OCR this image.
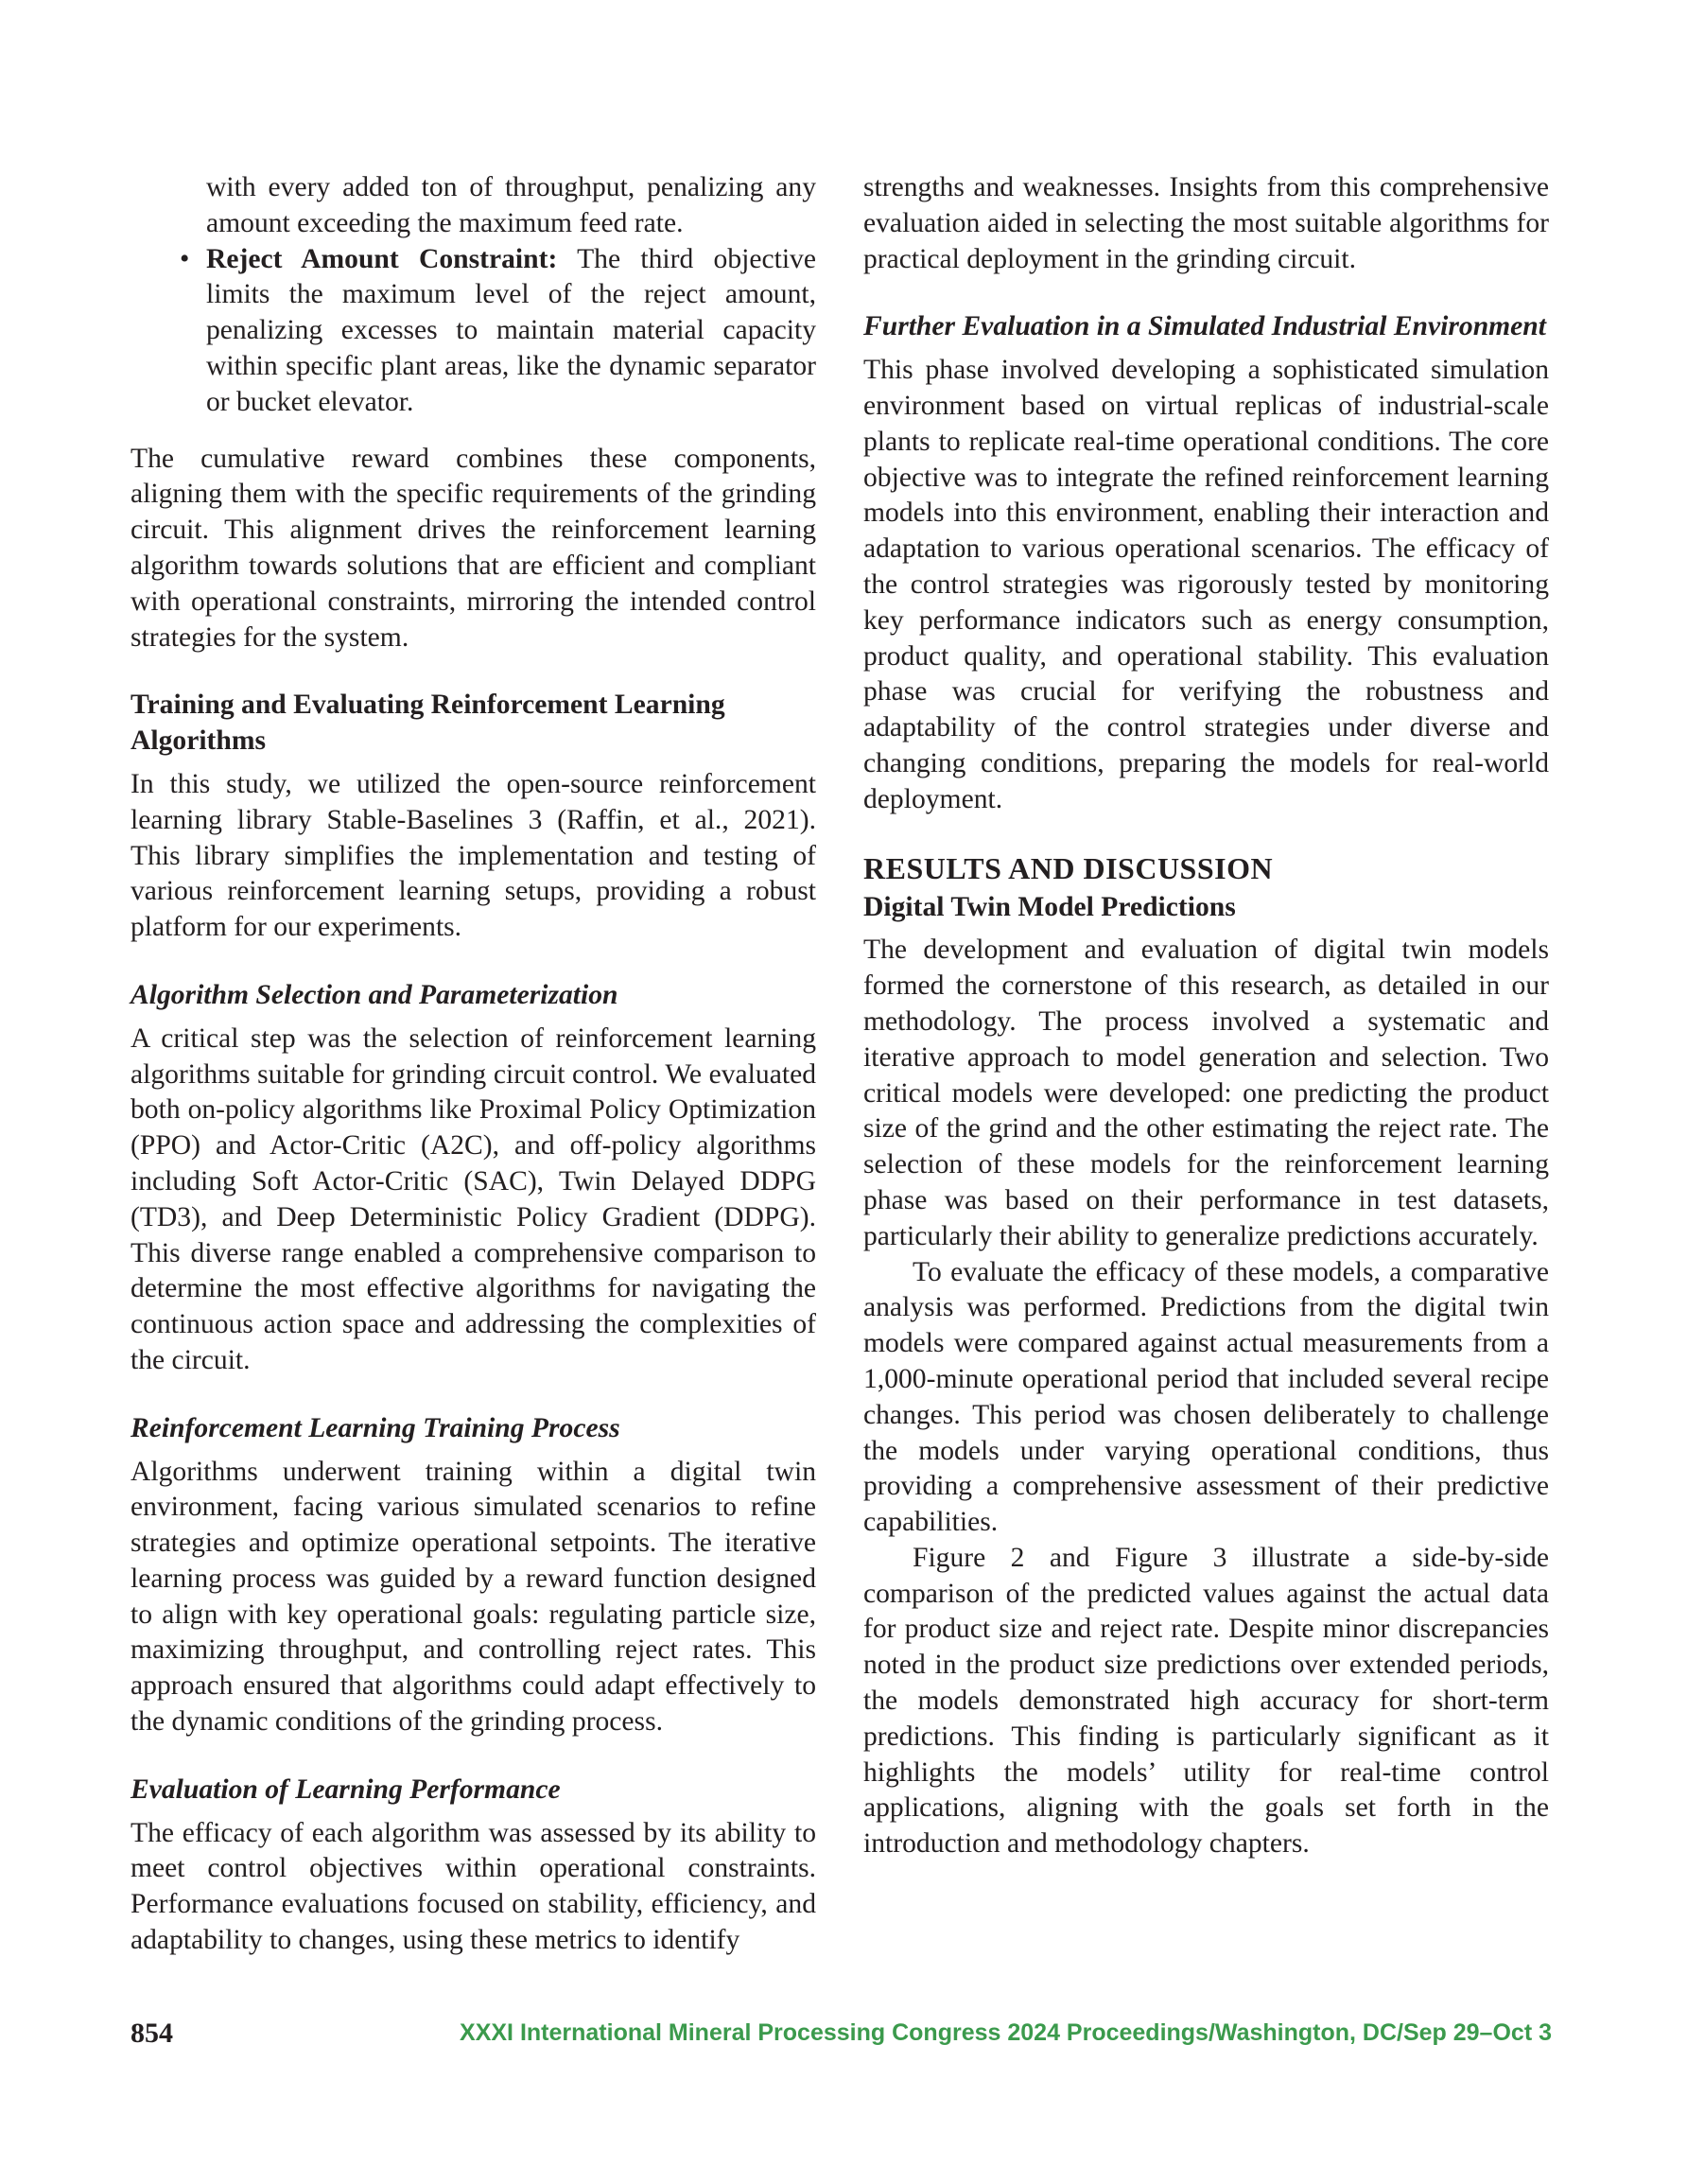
with every added ton of throughput, penalizing any amount exceeding the maximum feed rate.

• Reject Amount Constraint: The third objective limits the maximum level of the reject amount, penalizing excesses to maintain material capacity within specific plant areas, like the dynamic separator or bucket elevator.

The cumulative reward combines these components, aligning them with the specific requirements of the grinding circuit. This alignment drives the reinforcement learning algorithm towards solutions that are efficient and compliant with operational constraints, mirroring the intended control strategies for the system.

Training and Evaluating Reinforcement Learning Algorithms

In this study, we utilized the open-source reinforcement learning library Stable-Baselines 3 (Raffin, et al., 2021). This library simplifies the implementation and testing of various reinforcement learning setups, providing a robust platform for our experiments.

Algorithm Selection and Parameterization

A critical step was the selection of reinforcement learning algorithms suitable for grinding circuit control. We evaluated both on-policy algorithms like Proximal Policy Optimization (PPO) and Actor-Critic (A2C), and off-policy algorithms including Soft Actor-Critic (SAC), Twin Delayed DDPG (TD3), and Deep Deterministic Policy Gradient (DDPG). This diverse range enabled a comprehensive comparison to determine the most effective algorithms for navigating the continuous action space and addressing the complexities of the circuit.

Reinforcement Learning Training Process

Algorithms underwent training within a digital twin environment, facing various simulated scenarios to refine strategies and optimize operational setpoints. The iterative learning process was guided by a reward function designed to align with key operational goals: regulating particle size, maximizing throughput, and controlling reject rates. This approach ensured that algorithms could adapt effectively to the dynamic conditions of the grinding process.

Evaluation of Learning Performance

The efficacy of each algorithm was assessed by its ability to meet control objectives within operational constraints. Performance evaluations focused on stability, efficiency, and adaptability to changes, using these metrics to identify

strengths and weaknesses. Insights from this comprehensive evaluation aided in selecting the most suitable algorithms for practical deployment in the grinding circuit.

Further Evaluation in a Simulated Industrial Environment

This phase involved developing a sophisticated simulation environment based on virtual replicas of industrial-scale plants to replicate real-time operational conditions. The core objective was to integrate the refined reinforcement learning models into this environment, enabling their interaction and adaptation to various operational scenarios. The efficacy of the control strategies was rigorously tested by monitoring key performance indicators such as energy consumption, product quality, and operational stability. This evaluation phase was crucial for verifying the robustness and adaptability of the control strategies under diverse and changing conditions, preparing the models for real-world deployment.

RESULTS AND DISCUSSION
Digital Twin Model Predictions

The development and evaluation of digital twin models formed the cornerstone of this research, as detailed in our methodology. The process involved a systematic and iterative approach to model generation and selection. Two critical models were developed: one predicting the product size of the grind and the other estimating the reject rate. The selection of these models for the reinforcement learning phase was based on their performance in test datasets, particularly their ability to generalize predictions accurately.

To evaluate the efficacy of these models, a comparative analysis was performed. Predictions from the digital twin models were compared against actual measurements from a 1,000-minute operational period that included several recipe changes. This period was chosen deliberately to challenge the models under varying operational conditions, thus providing a comprehensive assessment of their predictive capabilities.

Figure 2 and Figure 3 illustrate a side-by-side comparison of the predicted values against the actual data for product size and reject rate. Despite minor discrepancies noted in the product size predictions over extended periods, the models demonstrated high accuracy for short-term predictions. This finding is particularly significant as it highlights the models’ utility for real-time control applications, aligning with the goals set forth in the introduction and methodology chapters.

854	XXXI International Mineral Processing Congress 2024 Proceedings/Washington, DC/Sep 29–Oct 3
